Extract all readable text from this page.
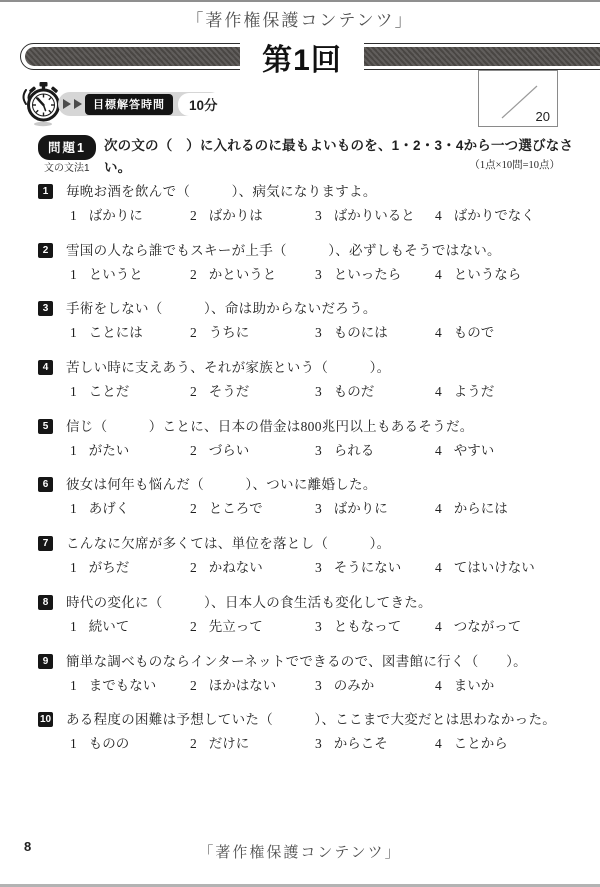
「著作権保護コンテンツ」
第1回
目標解答時間	10分
20
問題1	次の文の（　）に入れるのに最もよいものを、1・2・3・4から一つ選びなさい。
文の文法1	（1点×10問=10点）
1	毎晩お酒を飲んで（　　　）、病気になりますよ。
1 ばかりに	2 ばかりは	3 ばかりいると 4 ばかりでなく
2	雪国の人なら誰でもスキーが上手（　　　）、必ずしもそうではない。
1 というと	2 かというと	3 といったら	4 というなら
3	手術をしない（　　　）、命は助からないだろう。
1 ことには	2 うちに	3 ものには	4 もので
4	苦しい時に支えあう、それが家族という（　　　）。
1 ことだ	2 そうだ	3 ものだ	4 ようだ
5	信じ（　　　）ことに、日本の借金は800兆円以上もあるそうだ。
1 がたい	2 づらい	3 られる	4 やすい
6	彼女は何年も悩んだ（　　　）、ついに離婚した。
1 あげく	2 ところで	3 ばかりに	4 からには
7	こんなに欠席が多くては、単位を落とし（　　　）。
1 がちだ	2 かねない	3 そうにない	4 てはいけない
8	時代の変化に（　　　）、日本人の食生活も変化してきた。
1 続いて	2 先立って	3 ともなって	4 つながって
9	簡単な調べものならインターネットでできるので、図書館に行く（　　）。
1 までもない	2 ほかはない	3 のみか	4 まいか
10 ある程度の困難は予想していた（　　　）、ここまで大変だとは思わなかった。
1 ものの	2 だけに	3 からこそ	4 ことから
8	「著作権保護コンテンツ」
